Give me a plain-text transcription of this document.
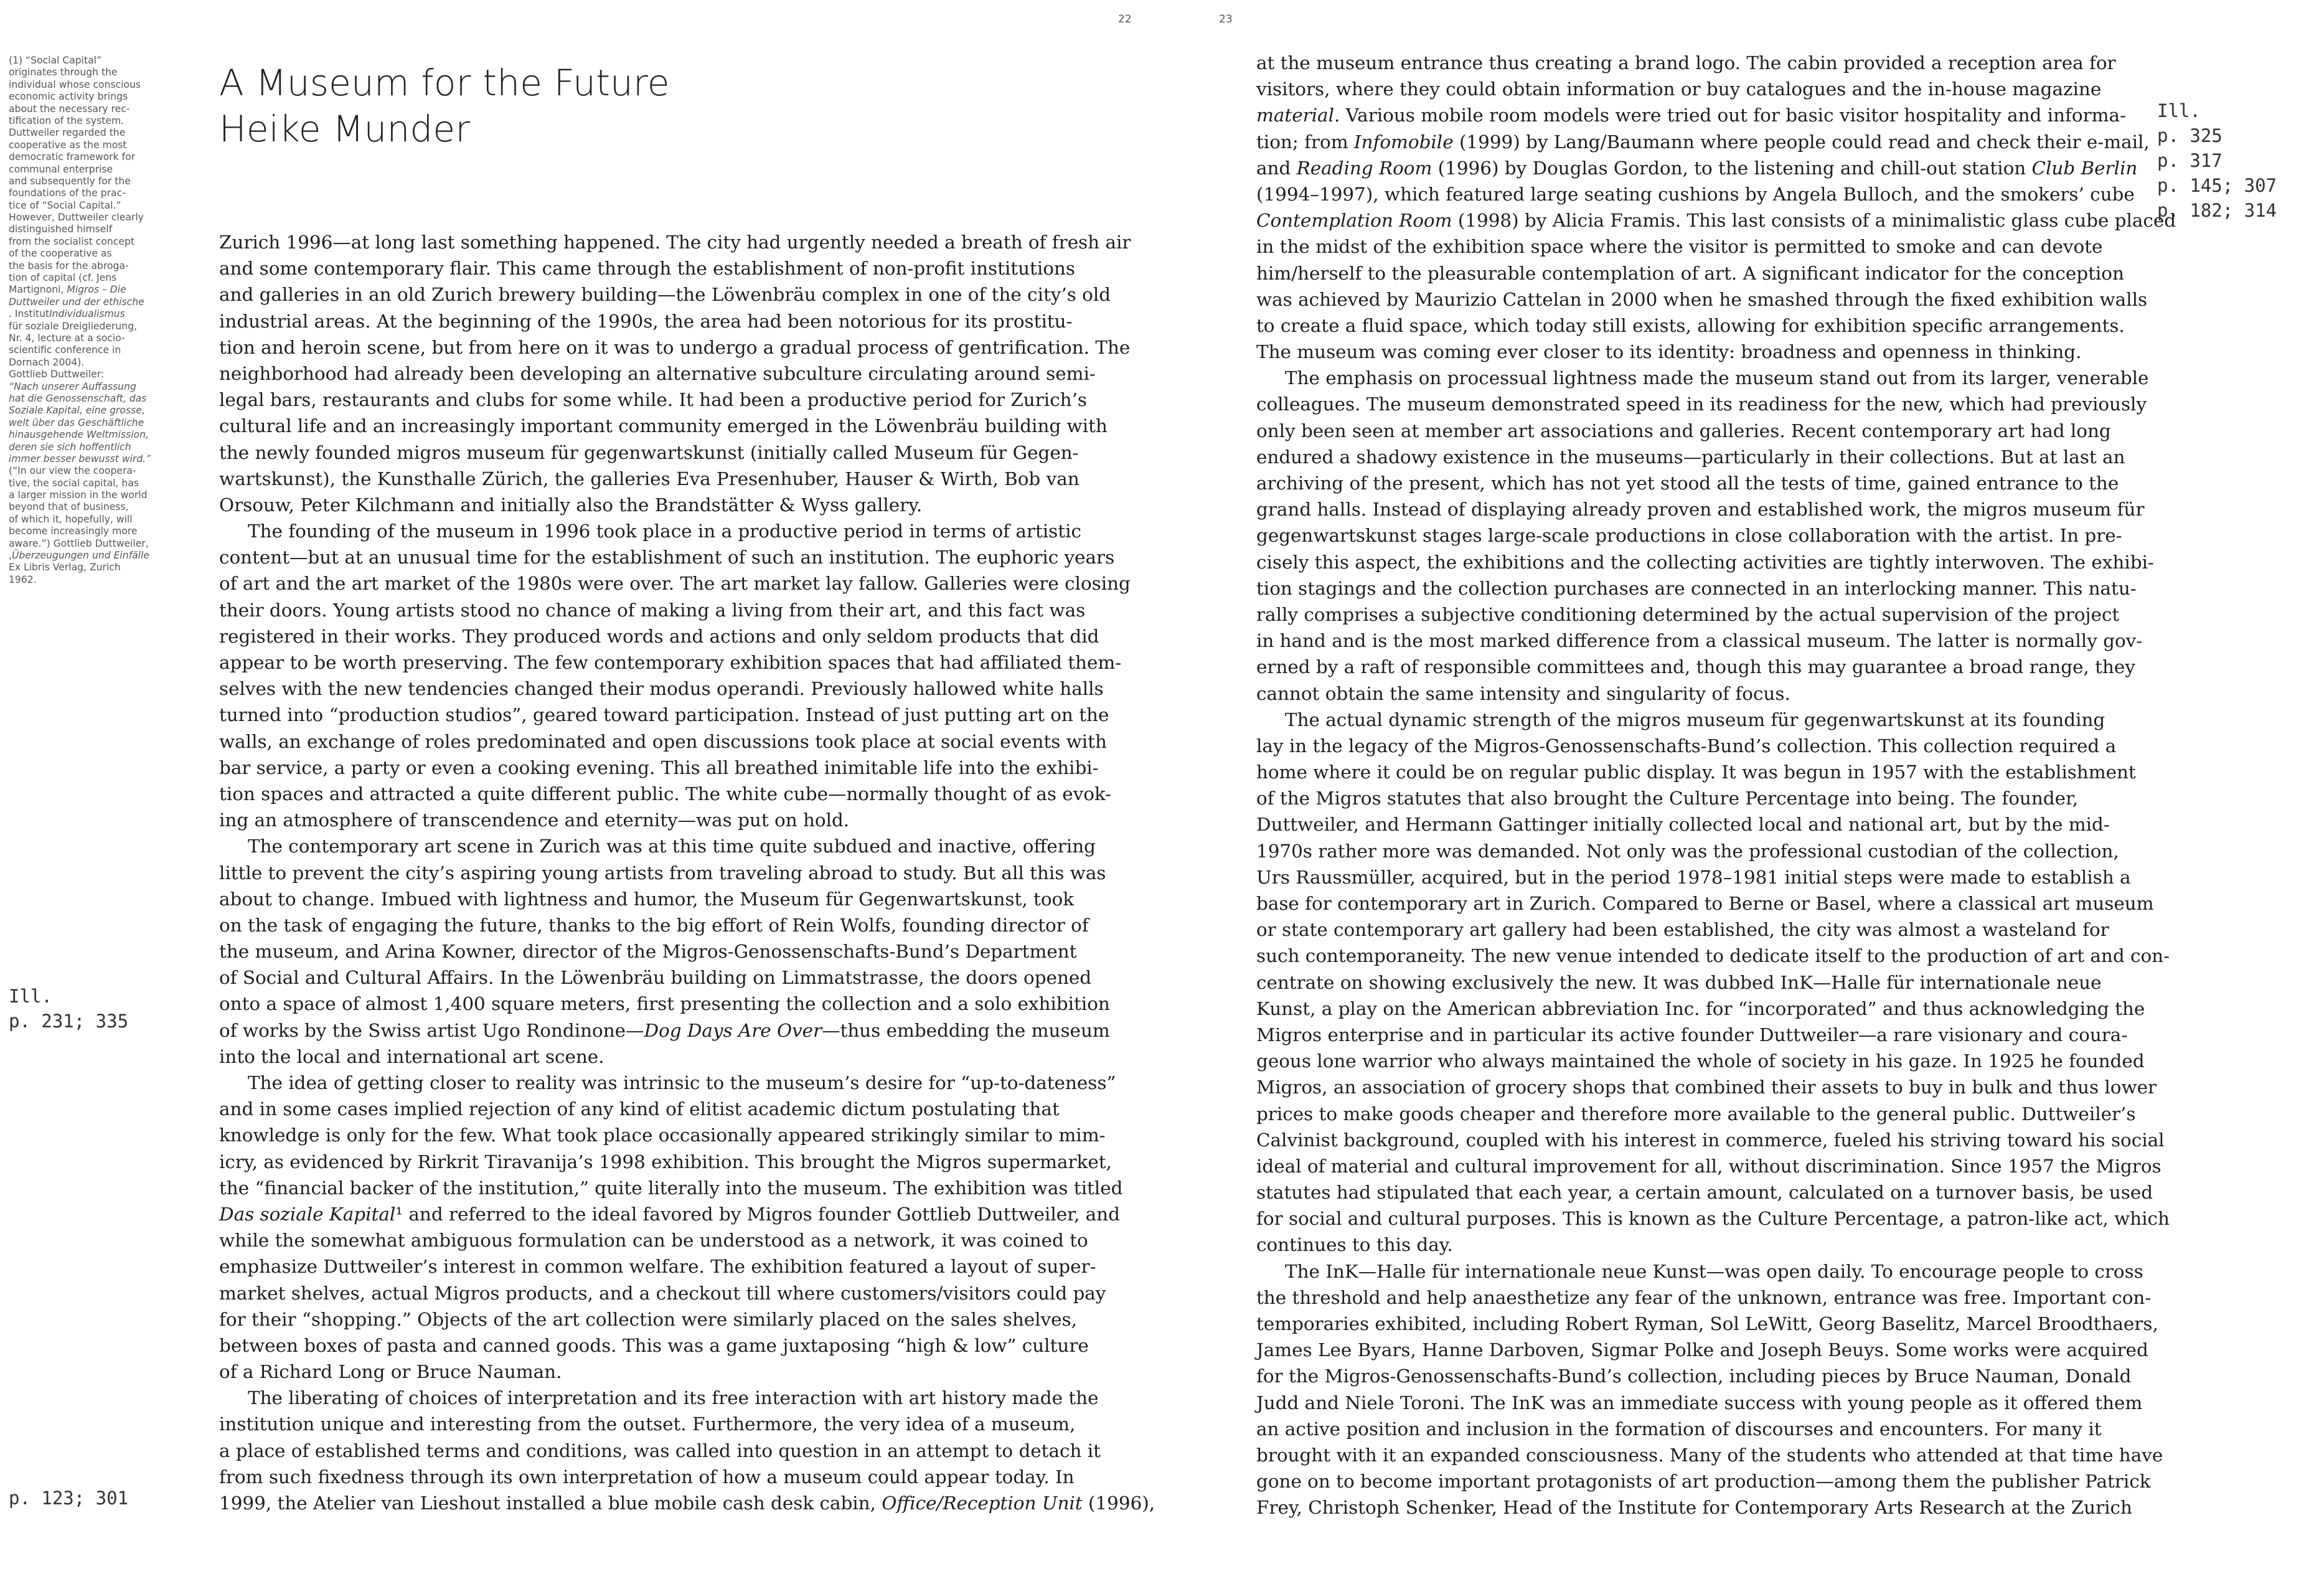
22	23
(1) “Social Capital”
originates through the
individual whose conscious
economic activity brings
about the necessary rec-
tification of the system.
Duttweiler regarded the
cooperative as the most
democratic framework for
communal enterprise
and subsequently for the
foundations of the prac-
tice of “Social Capital.”
However, Duttweiler clearly
distinguished himself
from the socialist concept
of the cooperative as
the basis for the abroga-
tion of capital (cf. Jens
Martignoni, Migros – Die
Duttweiler und der ethische
. InstitutIndividualismus
für soziale Dreigliederung,
Nr. 4, lecture at a socio-
scientific conference in
Dornach 2004).
Gottlieb Duttweiler:
“Nach unserer Auffassung
hat die Genossenschaft, das
Soziale Kapital, eine grosse,
welt über das Geschäftliche
hinausgehende Weltmission,
deren sie sich hoffentlich
immer besser bewusst wird.”
(“In our view the coopera-
tive, the social capital, has
a larger mission in the world
beyond that of business,
of which it, hopefully, will
become increasingly more
aware.”) Gottlieb Duttweiler,
,Überzeugungen und Einfälle
Ex Libris Verlag, Zurich
1962.
Ill.
p. 231; 335
p. 123; 301
Ill.
p. 325
p. 317
p. 145; 307
p. 182; 314
A Museum for the Future
Heike Munder
Zurich 1996—at long last something happened. The city had urgently needed a breath of fresh air
and some contemporary flair. This came through the establishment of non-profit institutions
and galleries in an old Zurich brewery building—the Löwenbräu complex in one of the city’s old
industrial areas. At the beginning of the 1990s, the area had been notorious for its prostitu-
tion and heroin scene, but from here on it was to undergo a gradual process of gentrification. The
neighborhood had already been developing an alternative subculture circulating around semi-
legal bars, restaurants and clubs for some while. It had been a productive period for Zurich’s
cultural life and an increasingly important community emerged in the Löwenbräu building with
the newly founded migros museum für gegenwartskunst (initially called Museum für Gegen-
wartskunst), the Kunsthalle Zürich, the galleries Eva Presenhuber, Hauser & Wirth, Bob van
Orsouw, Peter Kilchmann and initially also the Brandstätter & Wyss gallery.
The founding of the museum in 1996 took place in a productive period in terms of artistic
content—but at an unusual time for the establishment of such an institution. The euphoric years
of art and the art market of the 1980s were over. The art market lay fallow. Galleries were closing
their doors. Young artists stood no chance of making a living from their art, and this fact was
registered in their works. They produced words and actions and only seldom products that did
appear to be worth preserving. The few contemporary exhibition spaces that had affiliated them-
selves with the new tendencies changed their modus operandi. Previously hallowed white halls
turned into “production studios”, geared toward participation. Instead of just putting art on the
walls, an exchange of roles predominated and open discussions took place at social events with
bar service, a party or even a cooking evening. This all breathed inimitable life into the exhibi-
tion spaces and attracted a quite different public. The white cube—normally thought of as evok-
ing an atmosphere of transcendence and eternity—was put on hold.
The contemporary art scene in Zurich was at this time quite subdued and inactive, offering
little to prevent the city’s aspiring young artists from traveling abroad to study. But all this was
about to change. Imbued with lightness and humor, the Museum für Gegenwartskunst, took
on the task of engaging the future, thanks to the big effort of Rein Wolfs, founding director of
the museum, and Arina Kowner, director of the Migros-Genossenschafts-Bund’s Department
of Social and Cultural Affairs. In the Löwenbräu building on Limmatstrasse, the doors opened
onto a space of almost 1,400 square meters, first presenting the collection and a solo exhibition
of works by the Swiss artist Ugo Rondinone—Dog Days Are Over—thus embedding the museum
into the local and international art scene.
The idea of getting closer to reality was intrinsic to the museum’s desire for “up-to-dateness”
and in some cases implied rejection of any kind of elitist academic dictum postulating that
knowledge is only for the few. What took place occasionally appeared strikingly similar to mim-
icry, as evidenced by Rirkrit Tiravanija’s 1998 exhibition. This brought the Migros supermarket,
the “financial backer of the institution,” quite literally into the museum. The exhibition was titled
Das soziale Kapital¹ and referred to the ideal favored by Migros founder Gottlieb Duttweiler, and
while the somewhat ambiguous formulation can be understood as a network, it was coined to
emphasize Duttweiler’s interest in common welfare. The exhibition featured a layout of super-
market shelves, actual Migros products, and a checkout till where customers/visitors could pay
for their “shopping.” Objects of the art collection were similarly placed on the sales shelves,
between boxes of pasta and canned goods. This was a game juxtaposing “high & low” culture
of a Richard Long or Bruce Nauman.
The liberating of choices of interpretation and its free interaction with art history made the
institution unique and interesting from the outset. Furthermore, the very idea of a museum,
a place of established terms and conditions, was called into question in an attempt to detach it
from such fixedness through its own interpretation of how a museum could appear today. In
1999, the Atelier van Lieshout installed a blue mobile cash desk cabin, Office/Reception Unit (1996),
at the museum entrance thus creating a brand logo. The cabin provided a reception area for
visitors, where they could obtain information or buy catalogues and the in-house magazine
material. Various mobile room models were tried out for basic visitor hospitality and informa-
tion; from Infomobile (1999) by Lang/Baumann where people could read and check their e-mail,
and Reading Room (1996) by Douglas Gordon, to the listening and chill-out station Club Berlin
(1994–1997), which featured large seating cushions by Angela Bulloch, and the smokers’ cube
Contemplation Room (1998) by Alicia Framis. This last consists of a minimalistic glass cube placed
in the midst of the exhibition space where the visitor is permitted to smoke and can devote
him/herself to the pleasurable contemplation of art. A significant indicator for the conception
was achieved by Maurizio Cattelan in 2000 when he smashed through the fixed exhibition walls
to create a fluid space, which today still exists, allowing for exhibition specific arrangements.
The museum was coming ever closer to its identity: broadness and openness in thinking.
The emphasis on processual lightness made the museum stand out from its larger, venerable
colleagues. The museum demonstrated speed in its readiness for the new, which had previously
only been seen at member art associations and galleries. Recent contemporary art had long
endured a shadowy existence in the museums—particularly in their collections. But at last an
archiving of the present, which has not yet stood all the tests of time, gained entrance to the
grand halls. Instead of displaying already proven and established work, the migros museum für
gegenwartskunst stages large-scale productions in close collaboration with the artist. In pre-
cisely this aspect, the exhibitions and the collecting activities are tightly interwoven. The exhibi-
tion stagings and the collection purchases are connected in an interlocking manner. This natu-
rally comprises a subjective conditioning determined by the actual supervision of the project
in hand and is the most marked difference from a classical museum. The latter is normally gov-
erned by a raft of responsible committees and, though this may guarantee a broad range, they
cannot obtain the same intensity and singularity of focus.
The actual dynamic strength of the migros museum für gegenwartskunst at its founding
lay in the legacy of the Migros-Genossenschafts-Bund’s collection. This collection required a
home where it could be on regular public display. It was begun in 1957 with the establishment
of the Migros statutes that also brought the Culture Percentage into being. The founder,
Duttweiler, and Hermann Gattinger initially collected local and national art, but by the mid-
1970s rather more was demanded. Not only was the professional custodian of the collection,
Urs Raussmüller, acquired, but in the period 1978–1981 initial steps were made to establish a
base for contemporary art in Zurich. Compared to Berne or Basel, where a classical art museum
or state contemporary art gallery had been established, the city was almost a wasteland for
such contemporaneity. The new venue intended to dedicate itself to the production of art and con-
centrate on showing exclusively the new. It was dubbed InK—Halle für internationale neue
Kunst, a play on the American abbreviation Inc. for “incorporated” and thus acknowledging the
Migros enterprise and in particular its active founder Duttweiler—a rare visionary and coura-
geous lone warrior who always maintained the whole of society in his gaze. In 1925 he founded
Migros, an association of grocery shops that combined their assets to buy in bulk and thus lower
prices to make goods cheaper and therefore more available to the general public. Duttweiler’s
Calvinist background, coupled with his interest in commerce, fueled his striving toward his social
ideal of material and cultural improvement for all, without discrimination. Since 1957 the Migros
statutes had stipulated that each year, a certain amount, calculated on a turnover basis, be used
for social and cultural purposes. This is known as the Culture Percentage, a patron-like act, which
continues to this day.
The InK—Halle für internationale neue Kunst—was open daily. To encourage people to cross
the threshold and help anaesthetize any fear of the unknown, entrance was free. Important con-
temporaries exhibited, including Robert Ryman, Sol LeWitt, Georg Baselitz, Marcel Broodthaers,
James Lee Byars, Hanne Darboven, Sigmar Polke and Joseph Beuys. Some works were acquired
for the Migros-Genossenschafts-Bund’s collection, including pieces by Bruce Nauman, Donald
Judd and Niele Toroni. The InK was an immediate success with young people as it offered them
an active position and inclusion in the formation of discourses and encounters. For many it
brought with it an expanded consciousness. Many of the students who attended at that time have
gone on to become important protagonists of art production—among them the publisher Patrick
Frey, Christoph Schenker, Head of the Institute for Contemporary Arts Research at the Zurich
